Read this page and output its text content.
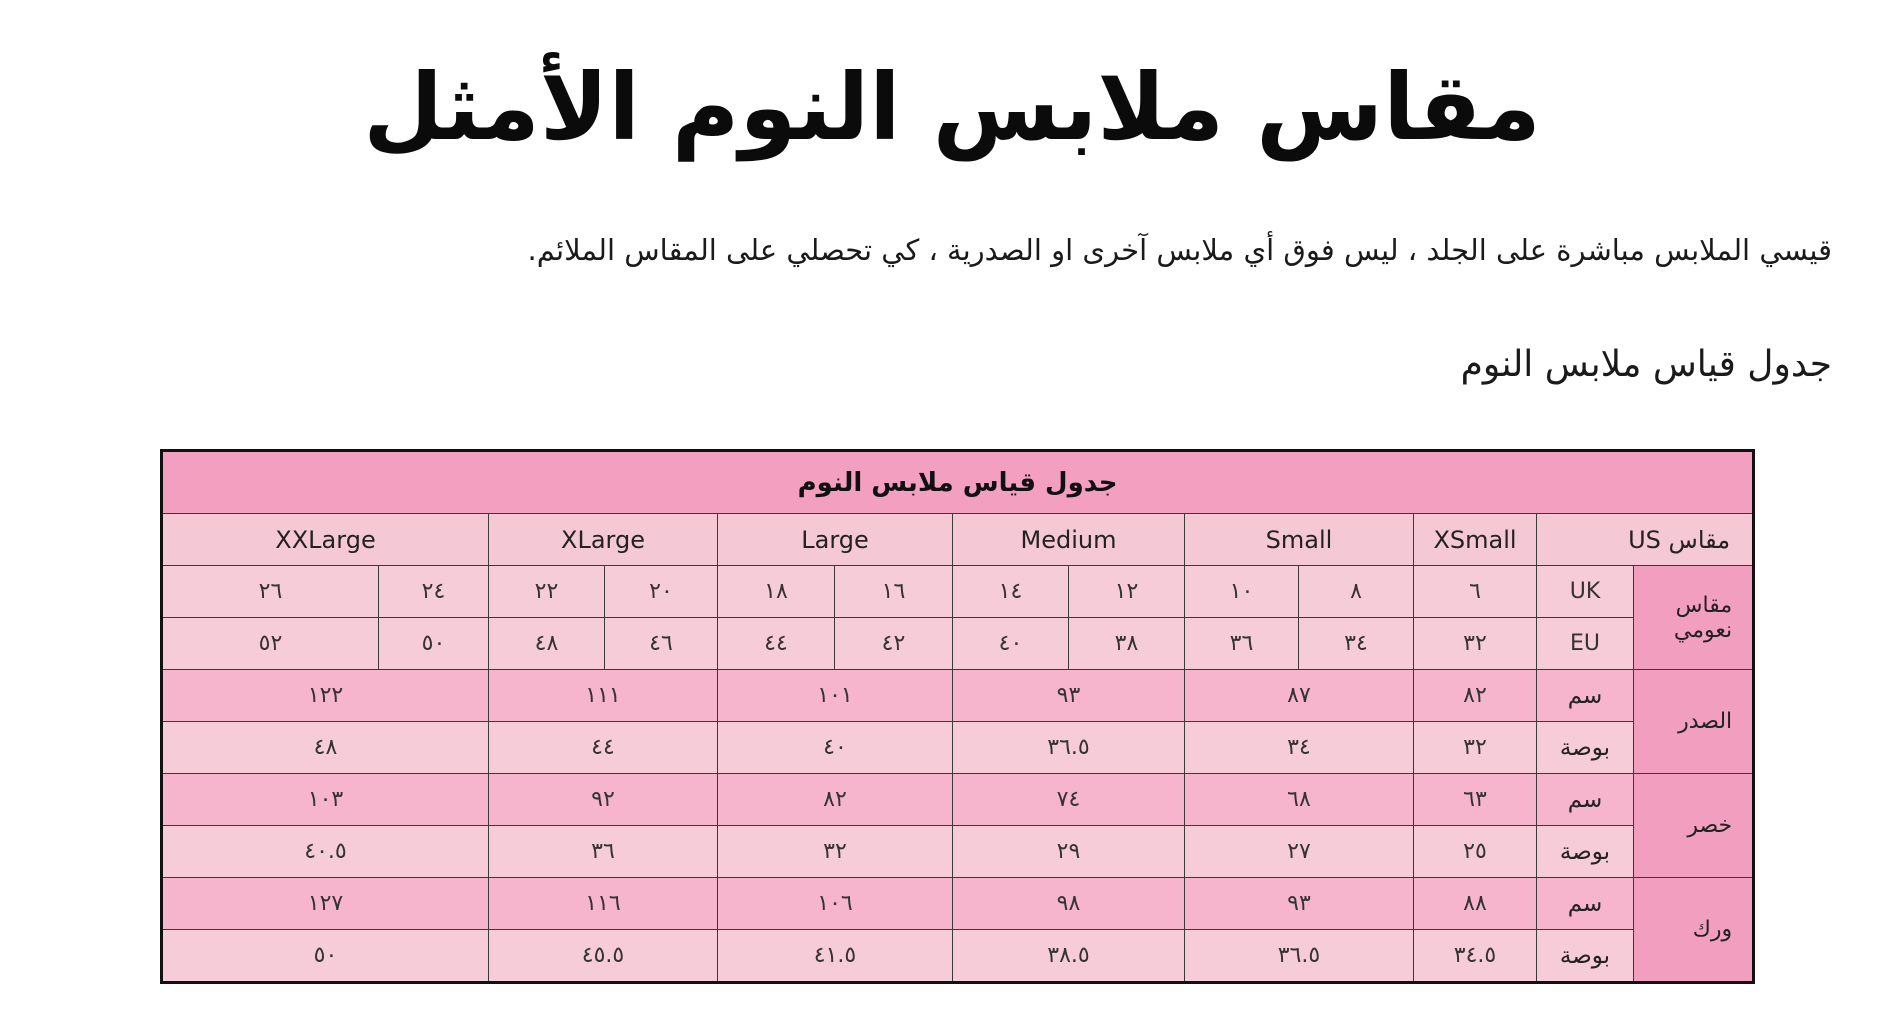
مقاس ملابس النوم الأمثل
قيسي الملابس مباشرة على الجلد ، ليس فوق أي ملابس آخرى او الصدرية ، كي تحصلي على المقاس الملائم.
جدول قياس ملابس النوم
جدول قياس ملابس النوم												
XXLarge		XLarge		Large		Medium		Small		XSmall	مقاس US	
٢٦	٢٤	٢٢	٢٠	١٨	١٦	١٤	١٢	١٠	٨	٦	UK	مقاس نعومي
٥٢	٥٠	٤٨	٤٦	٤٤	٤٢	٤٠	٣٨	٣٦	٣٤	٣٢	EU	
١٢٢		١١١		١٠١		٩٣		٨٧		٨٢	سم	الصدر
٤٨		٤٤		٤٠		٣٦.٥		٣٤		٣٢	بوصة	
١٠٣		٩٢		٨٢		٧٤		٦٨		٦٣	سم	خصر
٤٠.٥		٣٦		٣٢		٢٩		٢٧		٢٥	بوصة	
١٢٧		١١٦		١٠٦		٩٨		٩٣		٨٨	سم	ورك
٥٠		٤٥.٥		٤١.٥		٣٨.٥		٣٦.٥		٣٤.٥	بوصة	
